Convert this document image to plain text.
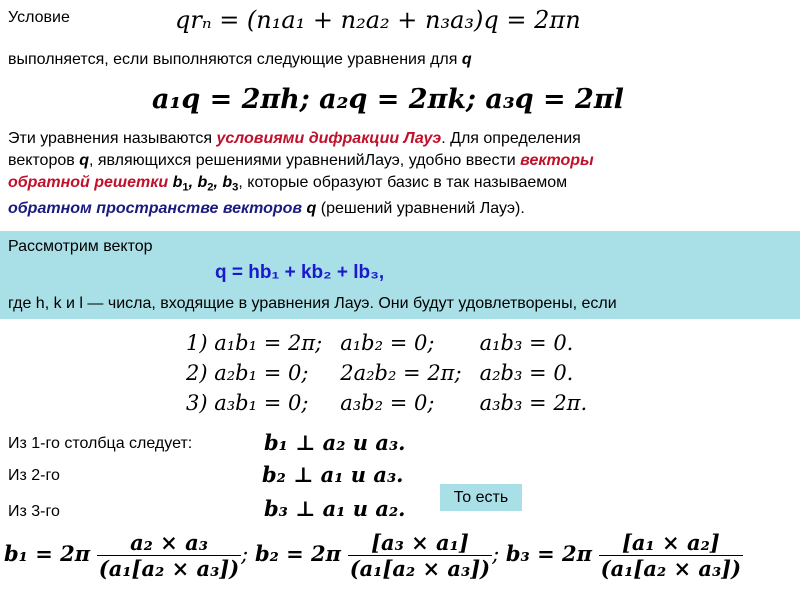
Условие	qrₙ = (n₁a₁ + n₂a₂ + n₃a₃)q = 2πn
выполняется, если выполняются следующие уравнения для q
a₁q = 2πh; a₂q = 2πk; a₃q = 2πl
Эти уравнения называются условиями дифракции Лауэ. Для определения
векторов q, являющихся решениями уравненийЛауэ, удобно ввести векторы
обратной решетки $b_1$, $b_2$, $b_3$, которые образуют базис в так называемом
обратном пространстве векторов q (решений уравнений Лауэ).
Рассмотрим вектор
q = hb₁ + kb₂ + lb₃,
где h, k и l — числа, входящие в уравнения Лауэ. Они будут удовлетворены, если
1) a₁b₁ = 2π;	a₁b₂ = 0;	a₁b₃ = 0.
2) a₂b₁ = 0;	2a₂b₂ = 2π;	a₂b₃ = 0.
3) a₃b₁ = 0;	a₃b₂ = 0;	a₃b₃ = 2π.
Из 1-го столбца следует:	b₁ ⊥ a₂ и a₃.
Из 2-го	b₂ ⊥ a₁ и a₃.
Из 3-го	b₃ ⊥ a₁ и a₂.	То есть
$b_1 = 2\pi \frac{\text{a₂ × a₃}}{\text{(a₁[a₂ × a₃])}}$ ; $b_2 = 2\pi \frac{\text{[a₃ × a₁]}}{\text{(a₁[a₂ × a₃])}}$ ; $b_3 = 2\pi \frac{\text{[a₁ × a₂]}}{\text{(a₁[a₂ × a₃])}}$
